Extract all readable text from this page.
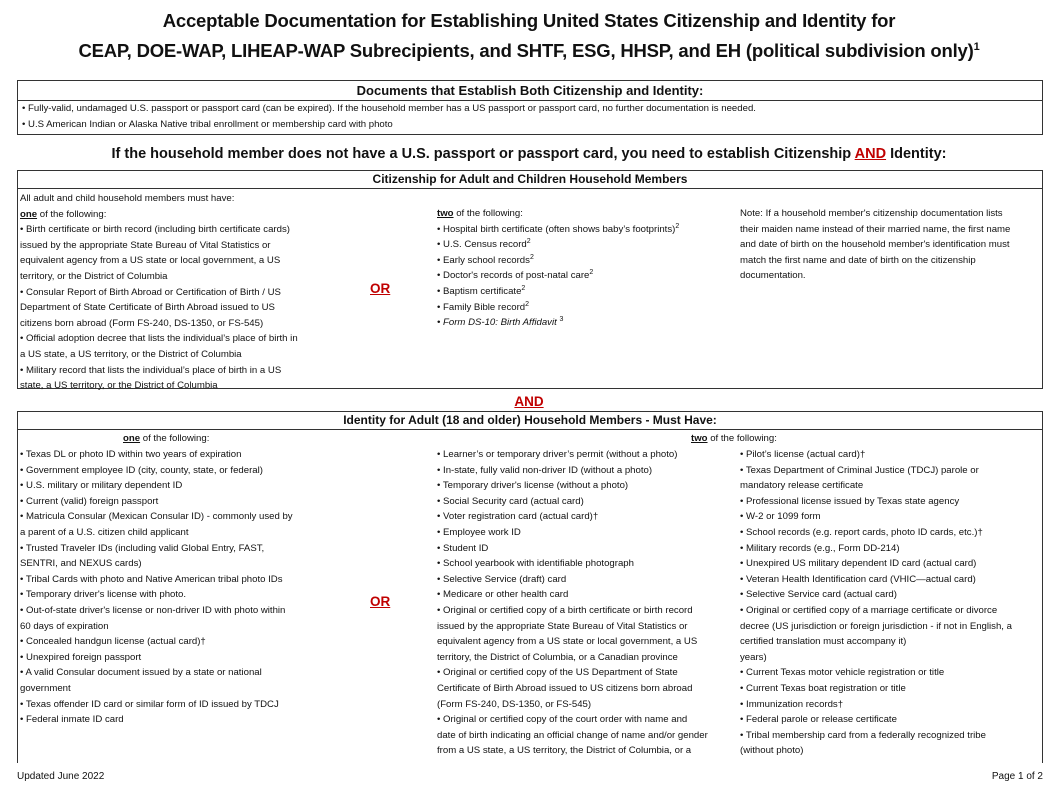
Acceptable Documentation for Establishing United States Citizenship and Identity for
CEAP, DOE-WAP, LIHEAP-WAP Subrecipients, and SHTF, ESG, HHSP, and EH (political subdivision only)$^1$
Documents that Establish Both Citizenship and Identity:
• Fully-valid, undamaged U.S. passport or passport card (can be expired). If the household member has a US passport or passport card, no further documentation is needed.
• U.S American Indian or Alaska Native tribal enrollment or membership card with photo
If the household member does not have a U.S. passport or passport card, you need to establish Citizenship AND Identity:
Citizenship for Adult and Children Household Members
All adult and child household members must have:
one of the following:
• Birth certificate or birth record (including birth certificate cards)
issued by the appropriate State Bureau of Vital Statistics or
equivalent agency from a US state or local government, a US
territory, or the District of Columbia
• Consular Report of Birth Abroad or Certification of Birth / US
Department of State Certificate of Birth Abroad issued to US
citizens born abroad (Form FS-240, DS-1350, or FS-545)
• Official adoption decree that lists the individual’s place of birth in
a US state, a US territory, or the District of Columbia
• Military record that lists the individual’s place of birth in a US
state, a US territory, or the District of Columbia
OR
two of the following:
• Hospital birth certificate (often shows baby’s footprints)$^2$
• U.S. Census record$^2$
• Early school records$^2$
• Doctor's records of post-natal care$^2$
• Baptism certificate$^2$
• Family Bible record$^2$
• Form DS-10: Birth Affidavit $^3$
Note: If a household member's citizenship documentation lists
their maiden name instead of their married name, the first name
and date of birth on the household member's identification must
match the first name and date of birth on the citizenship
documentation.
AND
Identity for Adult (18 and older) Household Members - Must Have:
one of the following:	two of the following:
• Texas DL or photo ID within two years of expiration
• Government employee ID (city, county, state, or federal)
• U.S. military or military dependent ID
• Current (valid) foreign passport
• Matricula Consular (Mexican Consular ID) - commonly used by
a parent of a U.S. citizen child applicant
• Trusted Traveler IDs (including valid Global Entry, FAST,
SENTRI, and NEXUS cards)
• Tribal Cards with photo and Native American tribal photo IDs
• Temporary driver's license with photo.
• Out-of-state driver's license or non-driver ID with photo within
60 days of expiration
• Concealed handgun license (actual card)†
• Unexpired foreign passport
• A valid Consular document issued by a state or national
government
• Texas offender ID card or similar form of ID issued by TDCJ
• Federal inmate ID card
OR
• Learner’s or temporary driver’s permit (without a photo)
• In-state, fully valid non-driver ID (without a photo)
• Temporary driver's license (without a photo)
• Social Security card (actual card)
• Voter registration card (actual card)†
• Employee work ID
• Student ID
• School yearbook with identifiable photograph
• Selective Service (draft) card
• Medicare or other health card
• Original or certified copy of a birth certificate or birth record
issued by the appropriate State Bureau of Vital Statistics or
equivalent agency from a US state or local government, a US
territory, the District of Columbia, or a Canadian province
• Original or certified copy of the US Department of State
Certificate of Birth Abroad issued to US citizens born abroad
(Form FS-240, DS-1350, or FS-545)
• Original or certified copy of the court order with name and
date of birth indicating an official change of name and/or gender
from a US state, a US territory, the District of Columbia, or a
• Pilot’s license (actual card)†
• Texas Department of Criminal Justice (TDCJ) parole or
mandatory release certificate
• Professional license issued by Texas state agency
• W-2 or 1099 form
• School records (e.g. report cards, photo ID cards, etc.)†
• Military records (e.g., Form DD-214)
• Unexpired US military dependent ID card (actual card)
• Veteran Health Identification card (VHIC—actual card)
• Selective Service card (actual card)
• Original or certified copy of a marriage certificate or divorce
decree (US jurisdiction or foreign jurisdiction - if not in English, a
certified translation must accompany it)
years)
• Current Texas motor vehicle registration or title
• Current Texas boat registration or title
• Immunization records†
• Federal parole or release certificate
• Tribal membership card from a federally recognized tribe
(without photo)
Updated June 2022	Page 1 of 2
